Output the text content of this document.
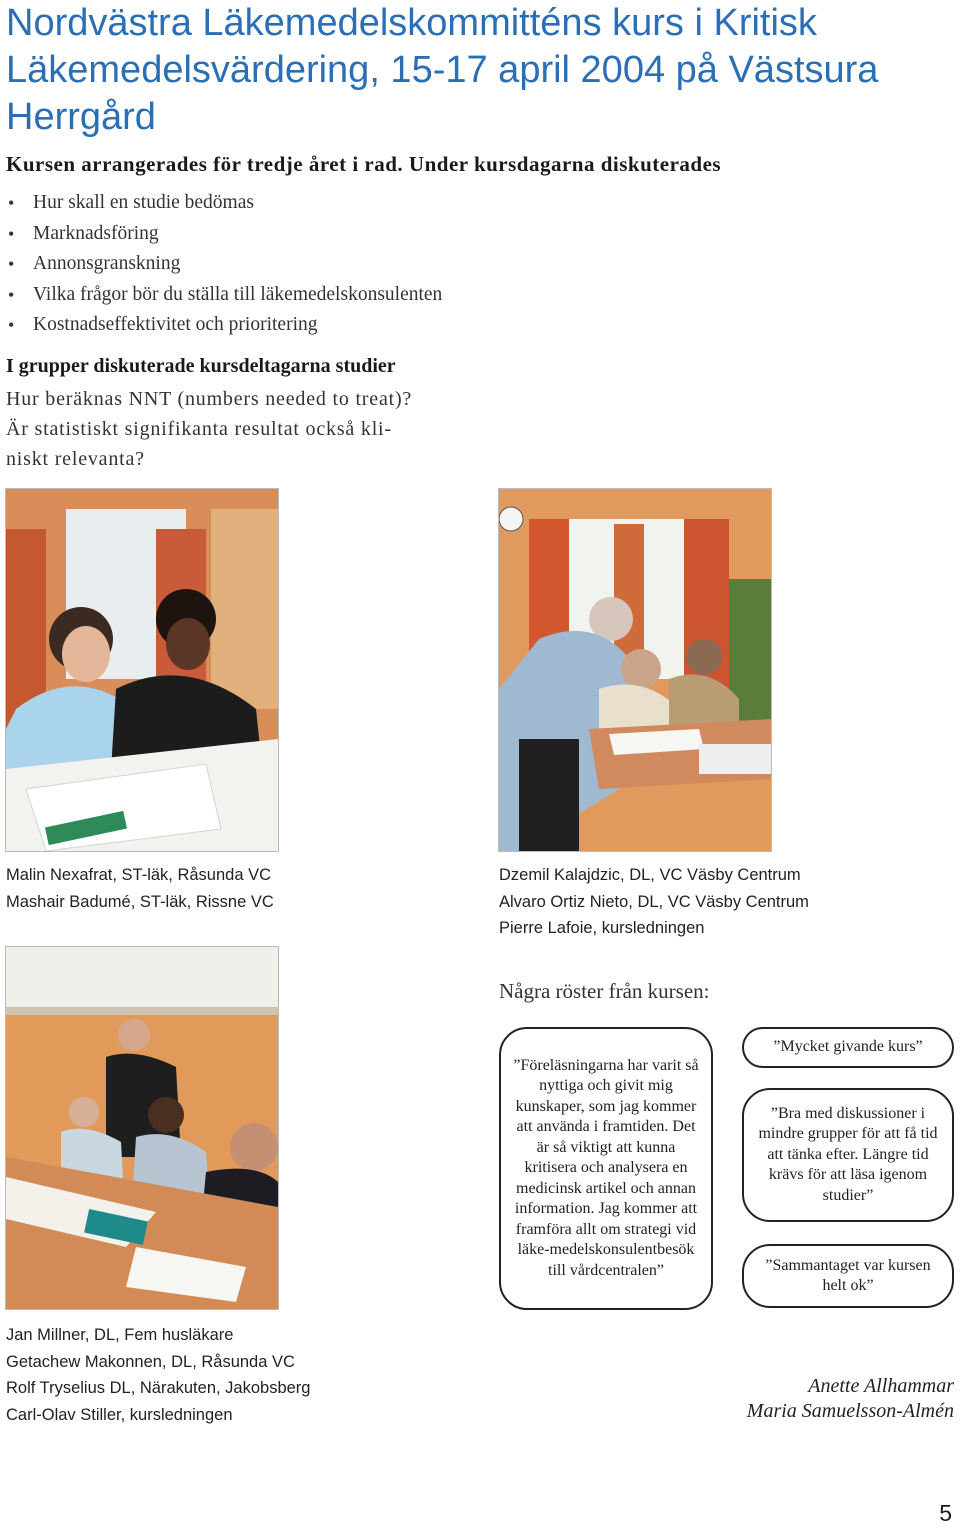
Nordvästra Läkemedelskommitténs kurs i Kritisk Läkemedelsvärdering, 15-17 april 2004 på Västsura Herrgård
Kursen arrangerades för tredje året i rad. Under kursdagarna diskuterades
• Hur skall en studie bedömas
• Marknadsföring
• Annonsgranskning
• Vilka frågor bör du ställa till läkemedelskonsulenten
• Kostnadseffektivitet och prioritering
I grupper diskuterade kursdeltagarna studier
Hur beräknas NNT (numbers needed to treat)?
Är statistiskt signifikanta resultat också kli-
niskt relevanta?
Malin Nexafrat, ST-läk, Råsunda VC
Mashair Badumé, ST-läk, Rissne VC
Dzemil Kalajdzic, DL, VC Väsby Centrum
Alvaro Ortiz Nieto, DL, VC Väsby Centrum
Pierre Lafoie, kursledningen
Jan Millner, DL, Fem husläkare
Getachew Makonnen, DL, Råsunda VC
Rolf Tryselius DL, Närakuten, Jakobsberg
Carl-Olav Stiller, kursledningen
Några röster från kursen:
”Föreläsningarna har varit så nyttiga och givit mig kunskaper, som jag kommer att använda i framtiden. Det är så viktigt att kunna kritisera och analysera en medicinsk artikel och annan information. Jag kommer att framföra allt om strategi vid läke-medelskonsulentbesök till vårdcentralen”
”Mycket givande kurs”
”Bra med diskussioner i mindre grupper för att få tid att tänka efter. Längre tid krävs för att läsa igenom studier”
”Sammantaget var kursen helt ok”
Anette Allhammar
Maria Samuelsson-Almén
5
